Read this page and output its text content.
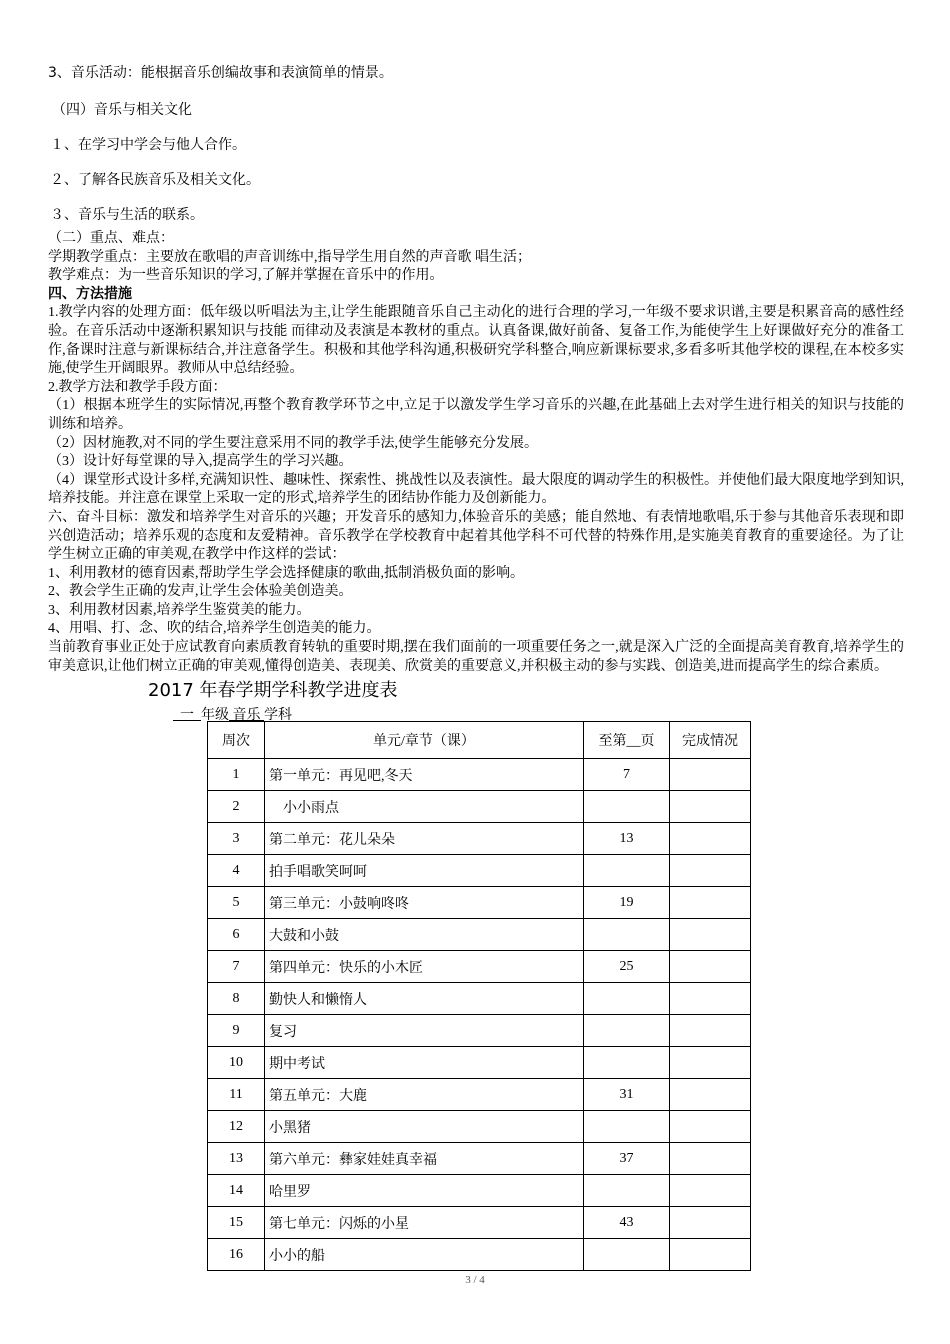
3、音乐活动：能根据音乐创编故事和表演简单的情景。
（四）音乐与相关文化
１、在学习中学会与他人合作。
２、了解各民族音乐及相关文化。
３、音乐与生活的联系。

（二）重点、难点：

学期教学重点：主要放在歌唱的声音训练中,指导学生用自然的声音歌 唱生活；

教学难点：为一些音乐知识的学习,了解并掌握在音乐中的作用。

四、方法措施

1.教学内容的处理方面：低年级以听唱法为主,让学生能跟随音乐自己主动化的进行合理的学习,一年级不要求识谱,主要是积累音高的感性经验。在音乐活动中逐渐积累知识与技能 而律动及表演是本教材的重点。认真备课,做好前备、复备工作,为能使学生上好课做好充分的准备工作,备课时注意与新课标结合,并注意备学生。积极和其他学科沟通,积极研究学科整合,响应新课标要求,多看多听其他学校的课程,在本校多实施,使学生开阔眼界。教师从中总结经验。

2.教学方法和教学手段方面：

（1）根据本班学生的实际情况,再整个教育教学环节之中,立足于以激发学生学习音乐的兴趣,在此基础上去对学生进行相关的知识与技能的训练和培养。

（2）因材施教,对不同的学生要注意采用不同的教学手法,使学生能够充分发展。

（3）设计好每堂课的导入,提高学生的学习兴趣。

（4）课堂形式设计多样,充满知识性、趣味性、探索性、挑战性以及表演性。最大限度的调动学生的积极性。并使他们最大限度地学到知识,培养技能。并注意在课堂上采取一定的形式,培养学生的团结协作能力及创新能力。

六、奋斗目标：激发和培养学生对音乐的兴趣；开发音乐的感知力,体验音乐的美感；能自然地、有表情地歌唱,乐于参与其他音乐表现和即兴创造活动；培养乐观的态度和友爱精神。音乐教学在学校教育中起着其他学科不可代替的特殊作用,是实施美育教育的重要途径。为了让学生树立正确的审美观,在教学中作这样的尝试：

1、利用教材的德育因素,帮助学生学会选择健康的歌曲,抵制消极负面的影响。

2、教会学生正确的发声,让学生会体验美创造美。

3、利用教材因素,培养学生鉴赏美的能力。

4、用唱、打、念、吹的结合,培养学生创造美的能力。

当前教育事业正处于应试教育向素质教育转轨的重要时期,摆在我们面前的一项重要任务之一,就是深入广泛的全面提高美育教育,培养学生的审美意识,让他们树立正确的审美观,懂得创造美、表现美、欣赏美的重要意义,并积极主动的参与实践、创造美,进而提高学生的综合素质。

2017 年春学期学科教学进度表
一 年级 音乐 学科
周次	单元/章节（课）	至第__页	完成情况
1	第一单元：再见吧,冬天	7	
2	　小小雨点		
3	第二单元：花儿朵朵	13	
4	拍手唱歌笑呵呵		
5	第三单元：小鼓响咚咚	19	
6	大鼓和小鼓		
7	第四单元：快乐的小木匠	25	
8	勤快人和懒惰人		
9	复习		
10	期中考试		
11	第五单元：大鹿	31	
12	小黑猪		
13	第六单元：彝家娃娃真幸福	37	
14	哈里罗		
15	第七单元：闪烁的小星	43	
16	小小的船		
3 / 4
